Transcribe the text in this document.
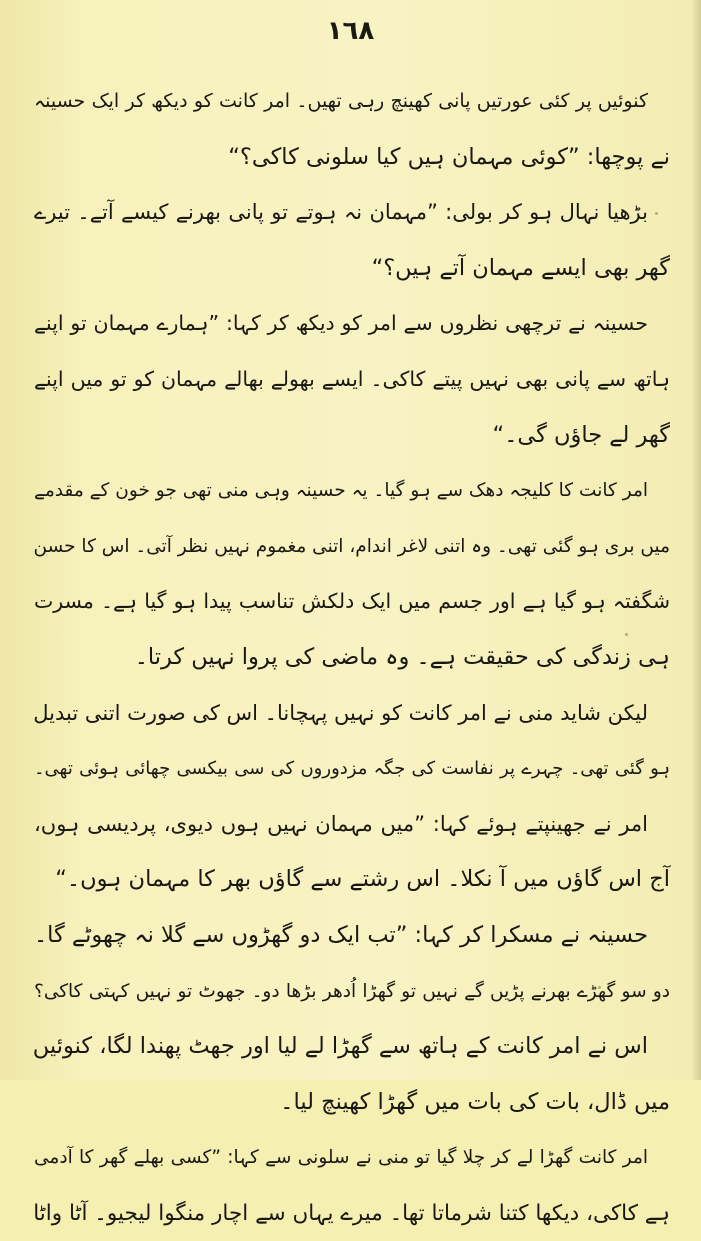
١٦٨
کنوئیں پر کئی عورتیں پانی کھینچ رہی تھیں۔ امر کانت کو دیکھ کر ایک حسینہ
نے پوچھا: ”کوئی مہمان ہیں کیا سلونی کاکی؟“
بڑھیا نہال ہو کر بولی: ”مہمان نہ ہوتے تو پانی بھرنے کیسے آتے۔ تیرے
گھر بھی ایسے مہمان آتے ہیں؟“
حسینہ نے ترچھی نظروں سے امر کو دیکھ کر کہا: ”ہمارے مہمان تو اپنے
ہاتھ سے پانی بھی نہیں پیتے کاکی۔ ایسے بھولے بھالے مہمان کو تو میں اپنے
گھر لے جاؤں گی۔“
امر کانت کا کلیجہ دھک سے ہو گیا۔ یہ حسینہ وہی منی تھی جو خون کے مقدمے
میں بری ہو گئی تھی۔ وہ اتنی لاغر اندام، اتنی مغموم نہیں نظر آتی۔ اس کا حسن
شگفتہ ہو گیا ہے اور جسم میں ایک دلکش تناسب پیدا ہو گیا ہے۔ مسرت
ہی زندگی کی حقیقت ہے۔ وہ ماضی کی پروا نہیں کرتا۔
لیکن شاید منی نے امر کانت کو نہیں پہچانا۔ اس کی صورت اتنی تبدیل
ہو گئی تھی۔ چہرے پر نفاست کی جگہ مزدوروں کی سی بیکسی چھائی ہوئی تھی۔
امر نے جھینپتے ہوئے کہا: ”میں مہمان نہیں ہوں دیوی، پردیسی ہوں،
آج اس گاؤں میں آ نکلا۔ اس رشتے سے گاؤں بھر کا مہمان ہوں۔“
حسینہ نے مسکرا کر کہا: ”تب ایک دو گھڑوں سے گلا نہ چھوٹے گا۔
دو سو گھڑے بھرنے پڑیں گے نہیں تو گھڑا اُدھر بڑھا دو۔ جھوٹ تو نہیں کہتی کاکی؟
اس نے امر کانت کے ہاتھ سے گھڑا لے لیا اور جھٹ پھندا لگا، کنوئیں
میں ڈال، بات کی بات میں گھڑا کھینچ لیا۔
امر کانت گھڑا لے کر چلا گیا تو منی نے سلونی سے کہا: ”کسی بھلے گھر کا آدمی
ہے کاکی، دیکھا کتنا شرماتا تھا۔ میرے یہاں سے اچار منگوا لیجیو۔ آٹا واٹا
